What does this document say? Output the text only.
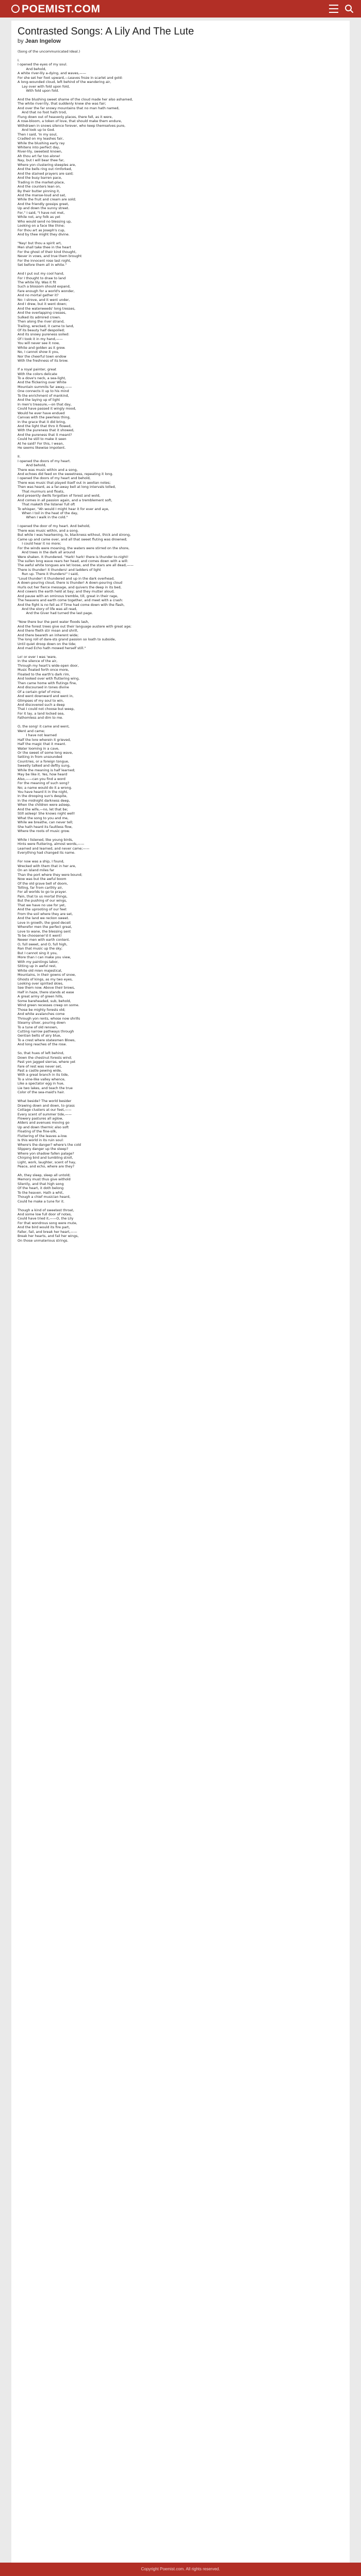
POEMIST.COM
Contrasted Songs: A Lily And The Lute
by Jean Ingelow
(Song of the uncommunicated Ideal.)

I.
I opened the eyes of my soul.
And behold,
A white river-lily a-dying, and waves,——
For she set her foot upward,—Leaves froze in scarlet and gold:
A long-wounded cloud, left behind of the wandering air,
Lay over with fold upon fold,
With fold upon fold.

And the blushing sweet shame of the cloud made her also ashamed,
The white river-lily, that suddenly knew she was fair;
And over the far snowy mountains that no man hath named,
And that no foot hath trod,
Flung down out of heavenly places, there fell, as it were,
A rose-bloom, a token of love, that should make them endure,
Withdrawn in snows silence forever, who keep themselves pure,
And look up to God.
Then I said, 'In my soul,
Cradled on my leashes fair,
While the blushing early ray
Whitens into perfect day,
River-lily, sweetest known,
Ah thou art far too alone!
Nay, but I will bear thee far,
Where yon clustering steeples are,
And the bells ring out rimforked,
And the stained prayers are said;
And the busy barren pace,
Trading in the market-place,
And the counters lean on,
By their butter pinning it,
And the manse-loud and sat,
While the fruit and cream are sold;
And the friendly gossips greet,
Up and down the sunny street.
For," I said, "I have not met,
While not, any folk as yet
Who would send no blessing up,
Looking on a face like thine;
For thou art as Joseph's cup,
And by thee might they divine.

"Nay! but thou a spirit art,
Men shall take thee in the heart
For the ghost of their kind thought,
Never in vows, and true them brought
For the innocent rose last night,
Set before them all in white."

And I put out my cool hand,
For I thought to draw to land
The white lily. Was it fit
Such a blossom should expand,
Fare enough for a world's wonder,
And no mortal gather it?
No: I strove, and it went under,
And I drew, but it went down;
And the waterweeds' long tresses,
And the overlapping cresses,
Sulked its admired crown.
Then along the river strand,
Trailing, wrecked, it came to land,
Of its beauty half despoiled;
And its snowy pureness soiled:
Of I took it in my hand,——
You will never see it now,
White and golden as it grew.
No, I cannot show it you,
Nor the cheerful town endow
With the freshness of its brow.

If a royal painter, great
With the colors delicate
To a dove's neck, a sea-light,
And the flickering over White
Mountain summits far away,——
One connects it up to his mind
To the enrichment of mankind,
And the laying up of light
In men's treasure,—on that day,
Could have passed it wingly mood,
Would he ever have endued
Canvas with the peerless thing,
In the grace that it did bring,
And the light that thro it flowed,
With the pureness that it showed,
And the pureness that it meant?
Could he still to make it seen
At he said? For this, I wean,
He seems likewise impotent.

II.
I opened the doors of my heart.
And behold,
There was music within and a song,
And echoes did feed on the sweetness, repeating it long.
I opened the doors of my heart and behold,
There was music that played itself out in aeolian notes;
Then was heard, as a far-away bell at long intervals tolled,
That murmurs and floats,
And presently dwills forgotten of forest and wold,
And comes in all passion again, and a tremblement soft,
That maketh the listener full oft
To whisper, "Ah would I might hear it for ever and aye,
When I toil in the heat of the day,
When I walk in the cold."

I opened the door of my heart. And behold,
There was music within, and a song.
But while I was hearkening, lo, blackness without, thick and strong,
Came up and came over, and all that sweet fluting was drowned;
I could hear it no more;
For the winds were moaning, the waters were stirred on the shore,
And trees in the dark all around
Were shaken. It thundered. "Hark! hark! there is thunder to-night!
The sullen long wave rears her head, and comes down with a will:
The awful white tongues are let loose, and the stars are all dead,——
There is thunder! it thunders! and ladders of light
Run up. There it thunders!" I said,
"Loud thunder! It thundered and up in the dark overhead,
A down-pouring cloud, there is thunder! A down-pouring cloud
Hurls out her fierce message, and quivers the deep in its bed,
And cowers the earth held at bay; and they mutter aloud,
And pause with an ominous tremble, till, great in their rage,
The heavens and earth come together, and meet with a crash:
And the fight is no fell as if Time had come down with the flash,
And the story of life was all read,
And the Giver had turned the last page.

"Now there bur the pent water floods lash,
And the forest trees give out their language austere with great age;
And there flieth stir moan and shrill,
And there beareth an inherent wide;
The long roll of dare-sts grand passion so loath to subside,
Until quiet droop down on the tide;
And mad Echo hath mowed herself still."

Lo! or ever I was 'ware,
In the silence of the air,
Through my heart's wide-open door,
Music floated forth once more,
Floated to the earth's dark rim,
And looked over with fluttering wing,
Then came home with flutings fine,
And discoursed in tones divine
Of a certain grief of mine;
And went downward and went in,
Glimpses of my soul to win,
And discovered such a deep
That I could not choose but weep,
For it lay, a land locked sea,
Fathomless and dim to me.

O, the song! it came and went,
Went and came;
I have not learned
Half the lore wherein it grieved,
Half the magic that it meant.
Water looming in a cave,
Or the sweet of some long wave,
Setting in from unsounded
Countries, or a foreign tongue,
Sweetly talked and deftly sung,
While the meaning is half learned;
May be like it. Yes, how heard
Also,——can you find a word
For the meaning of such song?
No; a name would do it a wrong.
You have heard it in the night,
In the drooping sun's despite,
In the midnight darkness deep,
When the children were asleep,
And the wife,—no, let that be;
Still asleep! She knows night well!
What the song to you and me,
While we breathe, can never tell;
She hath heard its faultless flow,
Where the roots of music grow.

While I listened, like young birds,
Hints were fluttering, almost words,——
Learned and learned, and never came;——
Everything had changed its name.

For now was a ship, I found,
Wrecked with them that in her are,
On an island miles far
Than the port where they were bound;
Now was but the awful boom
Of the old grave bell of doom,
Tolling, far from carthly air,
For all worlds to go to prayer.
Pain, that to us mortal things,
But the pushing of our wings,
That we have no use for yet,
And the uprooting of our feet
From the soil where they are set,
And the land we reckon sweet.
Love in growth, the good deceit
Wherefor men the perfect great,
Love to wane, the blessing sent
To be choosener'd it went!
Newer men with earth content.
O, full sweet, and O, full high,
Ran that music up the sky;
But I cannot sing it you,
More than I can make you view,
With my paintings labor,
Sitting up in awful rest,
White old mien majestical,
Mountains, in their gowns of snow,
Ghosts of kings, as my two eyes,
Looking over spirited skies,
See them now. Above their brows,
Half in haze, there stands at ease
A great army of green hills,
Some bareheaded, sub, behold,
Wind green recesses creep on some.
Those be mighty forests old;
And white avalanches come
Through yon rents, whose now shrills
Steamy silver, pouring down
To a tune of old renown,
Cutting narrow pathways through
Gentian belts of airy blue,
To a crest where statesmen Blows,
And long reaches of the rose.

So, that hues of left behind,
Down the chestnut forests wind;
Past yon jagged sierras, where yet
Fare of rest was never set,
Past a castle pewing wide,
With a great branch in its tide,
To a vine-like valley whence,
Like a spectator egg in hue,
Lie two lakes, and teach the true
Color of the sea-maid's hair.

What beside? The world besider
Drawing down and down, to grass
Cottage clusters at our feet,——
Every scent of summer tide,——
Flowery pastures all aglow,
Alders and avenues moving go
Up and down thermic also soft
Floating of the fine-silk,
Fluttering of the leaves a-low.
Is this world in its ruin soul:
Where's the danger? where's the cold
Slippery danger up the steep?
Where yon shadow fallen palage?
Chirping bird and tumbling stroll,
Light, work, laughter, scent of hay,
Peace, and echo, where are they?

Ah, they sleep, sleep all untold;
Memory must thus give withold
Silently, and that high song
Of the heart, it doth belong
To the heaven. Hath a whit,
Though a chief musician heard,
Could he make a tune for it.

Though a kind of sweetest throat,
And some low full door of notes,
Could have tried it,——O, the Lily
For that wondrous song were mute,
And the bird would its fire part,
Faller, fail, and break her heart,——
Break her hearts, and fail her wings,
On those unmaterious strings.
Copyright Poemist.com. All rights reserved.
